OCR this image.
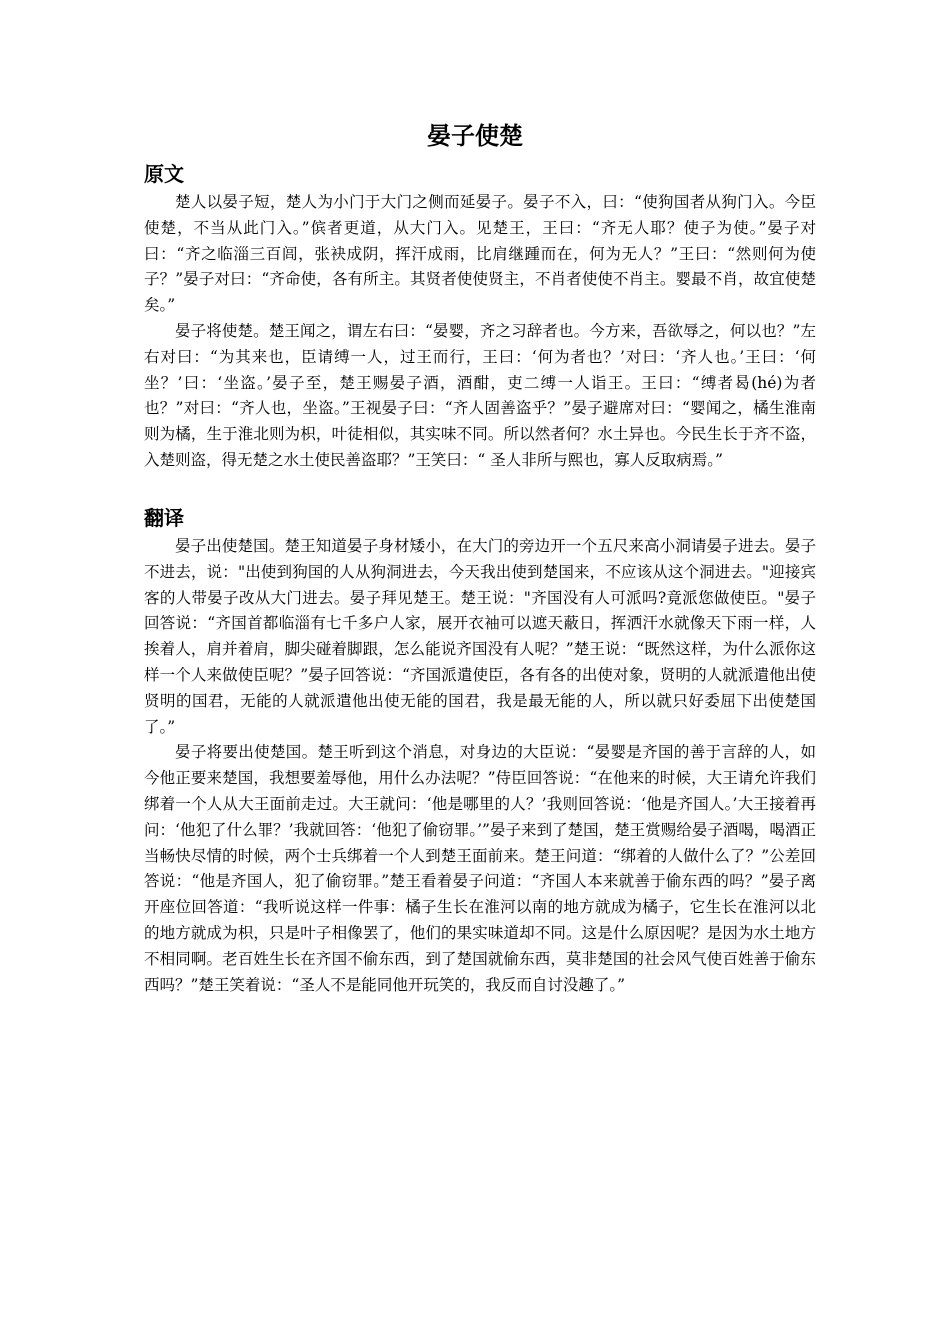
晏子使楚
原文

楚人以晏子短，楚人为小门于大门之侧而延晏子。晏子不入，曰：“使狗国者从狗门入。今臣使楚，不当从此门入。”傧者更道，从大门入。见楚王，王曰：“齐无人耶？使子为使。”晏子对曰：“齐之临淄三百闾，张袂成阴，挥汗成雨，比肩继踵而在，何为无人？”王曰：“然则何为使子？”晏子对曰：“齐命使，各有所主。其贤者使使贤主，不肖者使使不肖主。婴最不肖，故宜使楚矣。”

晏子将使楚。楚王闻之，谓左右曰：“晏婴，齐之习辞者也。今方来，吾欲辱之，何以也？”左右对曰：“为其来也，臣请缚一人，过王而行，王曰：‘何为者也？’对曰：‘齐人也。’王曰：‘何坐？’曰：‘坐盗。’晏子至，楚王赐晏子酒，酒酣，吏二缚一人诣王。王曰：“缚者曷(hé)为者也？”对曰：“齐人也，坐盗。”王视晏子曰：“齐人固善盗乎？”晏子避席对曰：“婴闻之，橘生淮南则为橘，生于淮北则为枳，叶徒相似，其实味不同。所以然者何？水土异也。今民生长于齐不盗，入楚则盗，得无楚之水土使民善盗耶？”王笑曰：“ 圣人非所与熙也，寡人反取病焉。”

翻译

晏子出使楚国。楚王知道晏子身材矮小，在大门的旁边开一个五尺来高小洞请晏子进去。晏子不进去，说："出使到狗国的人从狗洞进去，今天我出使到楚国来，不应该从这个洞进去。"迎接宾客的人带晏子改从大门进去。晏子拜见楚王。楚王说："齐国没有人可派吗?竟派您做使臣。"晏子回答说：“齐国首都临淄有七千多户人家，展开衣袖可以遮天蔽日，挥洒汗水就像天下雨一样，人挨着人，肩并着肩，脚尖碰着脚跟，怎么能说齐国没有人呢？”楚王说：“既然这样，为什么派你这样一个人来做使臣呢？”晏子回答说：“齐国派遣使臣，各有各的出使对象，贤明的人就派遣他出使贤明的国君，无能的人就派遣他出使无能的国君，我是最无能的人，所以就只好委屈下出使楚国了。”

晏子将要出使楚国。楚王听到这个消息，对身边的大臣说：“晏婴是齐国的善于言辞的人，如今他正要来楚国，我想要羞辱他，用什么办法呢？”侍臣回答说：“在他来的时候，大王请允许我们绑着一个人从大王面前走过。大王就问：‘他是哪里的人？’我则回答说：‘他是齐国人。’大王接着再问：‘他犯了什么罪？’我就回答：‘他犯了偷窃罪。’”晏子来到了楚国，楚王赏赐给晏子酒喝，喝酒正当畅快尽情的时候，两个士兵绑着一个人到楚王面前来。楚王问道：“绑着的人做什么了？”公差回答说：“他是齐国人，犯了偷窃罪。”楚王看着晏子问道：“齐国人本来就善于偷东西的吗？”晏子离开座位回答道：“我听说这样一件事：橘子生长在淮河以南的地方就成为橘子，它生长在淮河以北的地方就成为枳，只是叶子相像罢了，他们的果实味道却不同。这是什么原因呢？是因为水土地方不相同啊。老百姓生长在齐国不偷东西，到了楚国就偷东西，莫非楚国的社会风气使百姓善于偷东西吗？”楚王笑着说：“圣人不是能同他开玩笑的，我反而自讨没趣了。”
